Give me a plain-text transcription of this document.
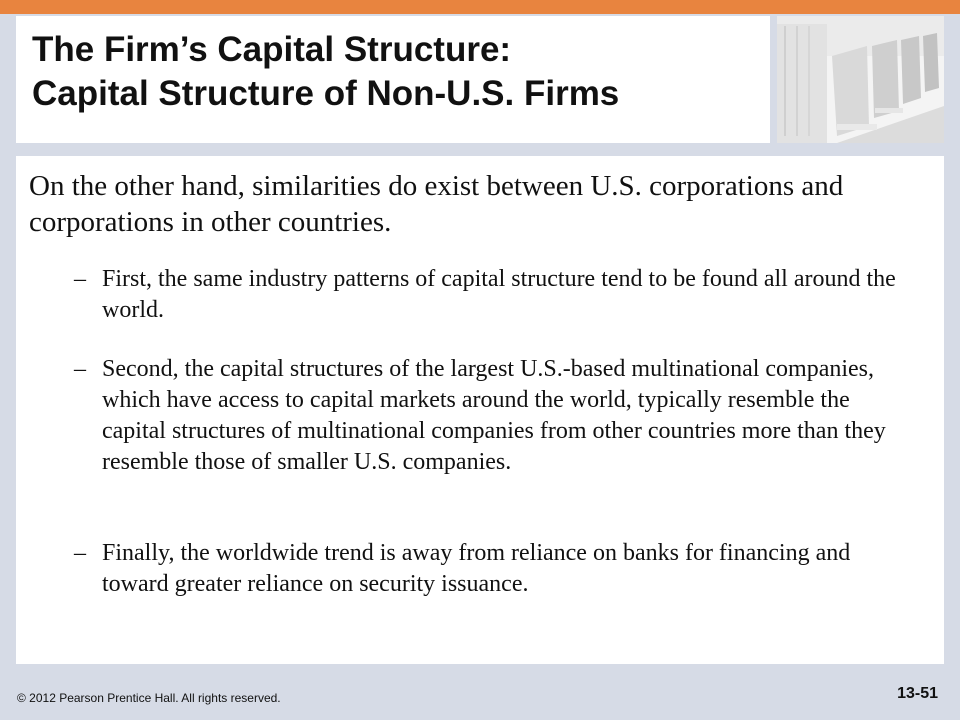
The Firm’s Capital Structure:
Capital Structure of Non-U.S. Firms
On the other hand, similarities do exist between U.S. corporations and corporations in other countries.
– First, the same industry patterns of capital structure tend to be found all around the world.
– Second, the capital structures of the largest U.S.-based multinational companies, which have access to capital markets around the world, typically resemble the capital structures of multinational companies from other countries more than they resemble those of smaller U.S. companies.
– Finally, the worldwide trend is away from reliance on banks for financing and toward greater reliance on security issuance.
© 2012 Pearson Prentice Hall. All rights reserved.	13-51
